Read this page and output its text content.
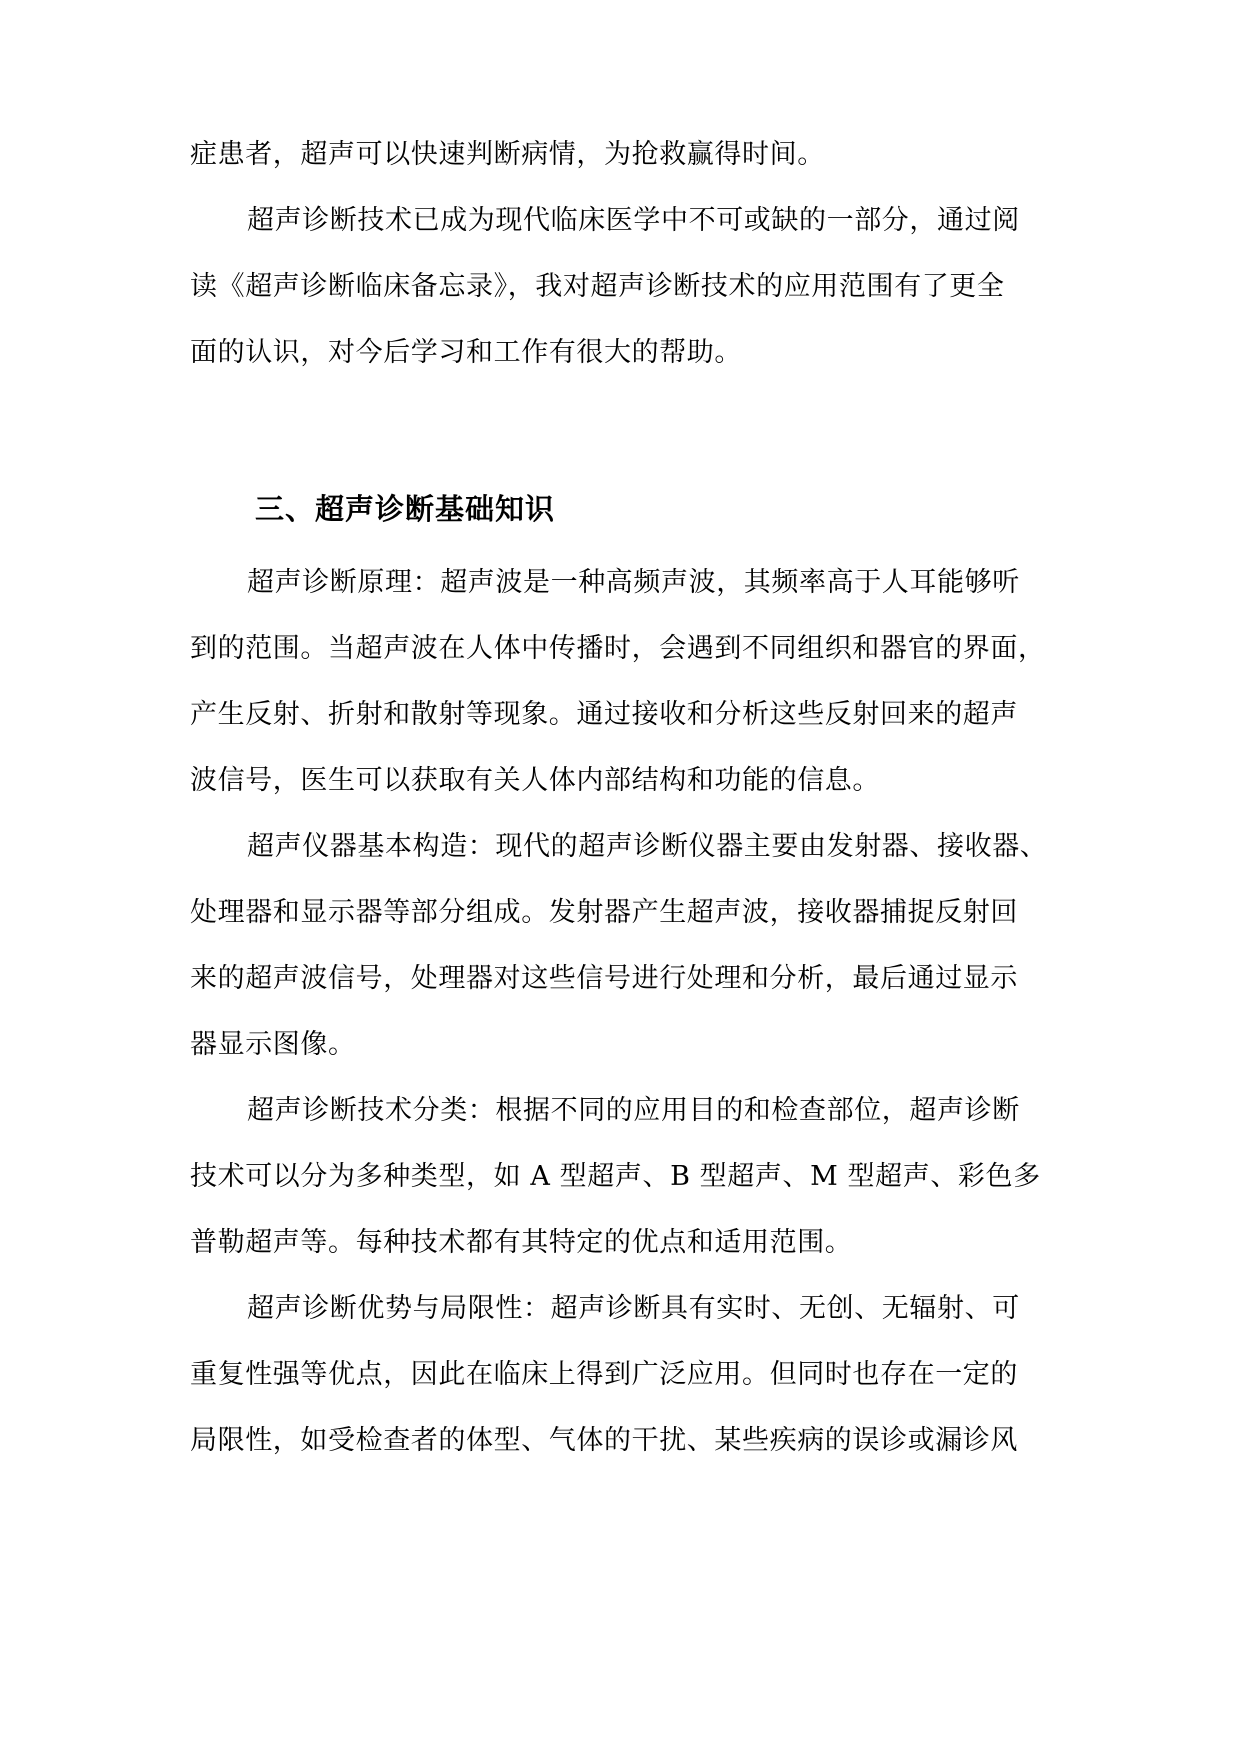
症患者，超声可以快速判断病情，为抢救赢得时间。

超声诊断技术已成为现代临床医学中不可或缺的一部分，通过阅

读《超声诊断临床备忘录》，我对超声诊断技术的应用范围有了更全

面的认识，对今后学习和工作有很大的帮助。

三、超声诊断基础知识

超声诊断原理：超声波是一种高频声波，其频率高于人耳能够听

到的范围。当超声波在人体中传播时，会遇到不同组织和器官的界面，

产生反射、折射和散射等现象。通过接收和分析这些反射回来的超声

波信号，医生可以获取有关人体内部结构和功能的信息。

超声仪器基本构造：现代的超声诊断仪器主要由发射器、接收器、

处理器和显示器等部分组成。发射器产生超声波，接收器捕捉反射回

来的超声波信号，处理器对这些信号进行处理和分析，最后通过显示

器显示图像。

超声诊断技术分类：根据不同的应用目的和检查部位，超声诊断

技术可以分为多种类型，如 A 型超声、B 型超声、M 型超声、彩色多

普勒超声等。每种技术都有其特定的优点和适用范围。

超声诊断优势与局限性：超声诊断具有实时、无创、无辐射、可

重复性强等优点，因此在临床上得到广泛应用。但同时也存在一定的

局限性，如受检查者的体型、气体的干扰、某些疾病的误诊或漏诊风
